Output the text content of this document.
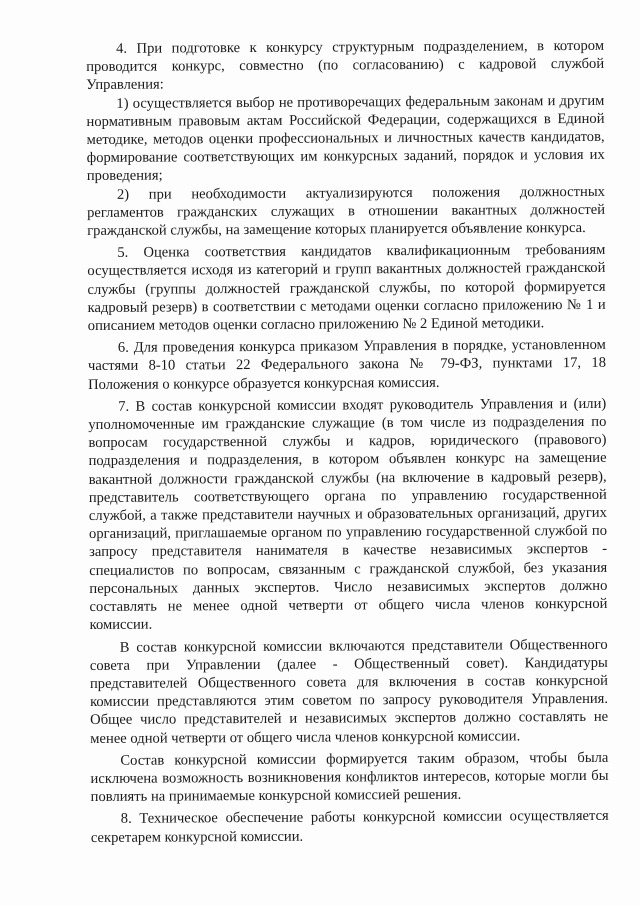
4. При подготовке к конкурсу структурным подразделением, в котором проводится конкурс, совместно (по согласованию) с кадровой службой Управления:

1) осуществляется выбор не противоречащих федеральным законам и другим нормативным правовым актам Российской Федерации, содержащихся в Единой методике, методов оценки профессиональных и личностных качеств кандидатов, формирование соответствующих им конкурсных заданий, порядок и условия их проведения;

2) при необходимости актуализируются положения должностных регламентов гражданских служащих в отношении вакантных должностей гражданской службы, на замещение которых планируется объявление конкурса.

5. Оценка соответствия кандидатов квалификационным требованиям осуществляется исходя из категорий и групп вакантных должностей гражданской службы (группы должностей гражданской службы, по которой формируется кадровый резерв) в соответствии с методами оценки согласно приложению № 1 и описанием методов оценки согласно приложению № 2 Единой методики.

6. Для проведения конкурса приказом Управления в порядке, установленном частями 8-10 статьи 22 Федерального закона № 79-ФЗ, пунктами 17, 18 Положения о конкурсе образуется конкурсная комиссия.

7. В состав конкурсной комиссии входят руководитель Управления и (или) уполномоченные им гражданские служащие (в том числе из подразделения по вопросам государственной службы и кадров, юридического (правового) подразделения и подразделения, в котором объявлен конкурс на замещение вакантной должности гражданской службы (на включение в кадровый резерв), представитель соответствующего органа по управлению государственной службой, а также представители научных и образовательных организаций, других организаций, приглашаемые органом по управлению государственной службой по запросу представителя нанимателя в качестве независимых экспертов - специалистов по вопросам, связанным с гражданской службой, без указания персональных данных экспертов. Число независимых экспертов должно составлять не менее одной четверти от общего числа членов конкурсной комиссии.

В состав конкурсной комиссии включаются представители Общественного совета при Управлении (далее - Общественный совет). Кандидатуры представителей Общественного совета для включения в состав конкурсной комиссии представляются этим советом по запросу руководителя Управления. Общее число представителей и независимых экспертов должно составлять не менее одной четверти от общего числа членов конкурсной комиссии.

Состав конкурсной комиссии формируется таким образом, чтобы была исключена возможность возникновения конфликтов интересов, которые могли бы повлиять на принимаемые конкурсной комиссией решения.

8. Техническое обеспечение работы конкурсной комиссии осуществляется секретарем конкурсной комиссии.
